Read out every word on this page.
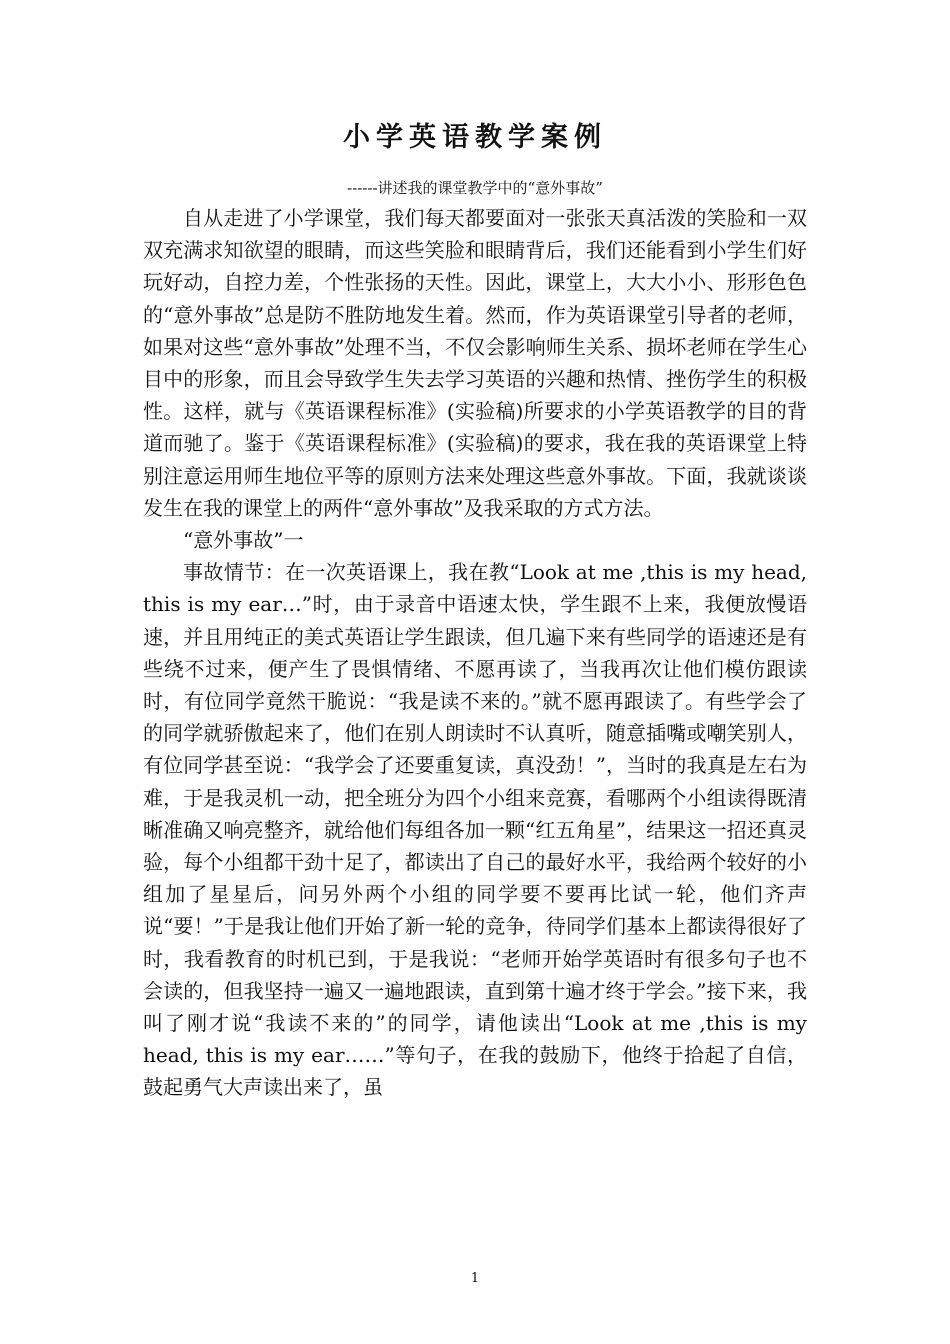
小学英语教学案例
------讲述我的课堂教学中的“意外事故”

自从走进了小学课堂，我们每天都要面对一张张天真活泼的笑脸和一双双充满求知欲望的眼睛，而这些笑脸和眼睛背后，我们还能看到小学生们好玩好动，自控力差，个性张扬的天性。因此，课堂上，大大小小、形形色色的“意外事故”总是防不胜防地发生着。然而，作为英语课堂引导者的老师，如果对这些“意外事故”处理不当，不仅会影响师生关系、损坏老师在学生心目中的形象，而且会导致学生失去学习英语的兴趣和热情、挫伤学生的积极性。这样，就与《英语课程标准》(实验稿)所要求的小学英语教学的目的背道而驰了。鉴于《英语课程标准》(实验稿)的要求，我在我的英语课堂上特别注意运用师生地位平等的原则方法来处理这些意外事故。下面，我就谈谈发生在我的课堂上的两件“意外事故”及我采取的方式方法。

“意外事故”一

事故情节：在一次英语课上，我在教“Look at me ,this is my head, this is my ear…”时，由于录音中语速太快，学生跟不上来，我便放慢语速，并且用纯正的美式英语让学生跟读，但几遍下来有些同学的语速还是有些绕不过来，便产生了畏惧情绪、不愿再读了，当我再次让他们模仿跟读时，有位同学竟然干脆说：“我是读不来的。”就不愿再跟读了。有些学会了的同学就骄傲起来了，他们在别人朗读时不认真听，随意插嘴或嘲笑别人，有位同学甚至说：“我学会了还要重复读，真没劲！”，当时的我真是左右为难，于是我灵机一动，把全班分为四个小组来竞赛，看哪两个小组读得既清晰准确又响亮整齐，就给他们每组各加一颗“红五角星”，结果这一招还真灵验，每个小组都干劲十足了，都读出了自己的最好水平，我给两个较好的小组加了星星后，问另外两个小组的同学要不要再比试一轮，他们齐声说“要！”于是我让他们开始了新一轮的竞争，待同学们基本上都读得很好了时，我看教育的时机已到，于是我说：“老师开始学英语时有很多句子也不会读的，但我坚持一遍又一遍地跟读，直到第十遍才终于学会。”接下来，我叫了刚才说“我读不来的”的同学，请他读出“Look at me ,this is my head, this is my ear……”等句子，在我的鼓励下，他终于拾起了自信，鼓起勇气大声读出来了，虽

1
